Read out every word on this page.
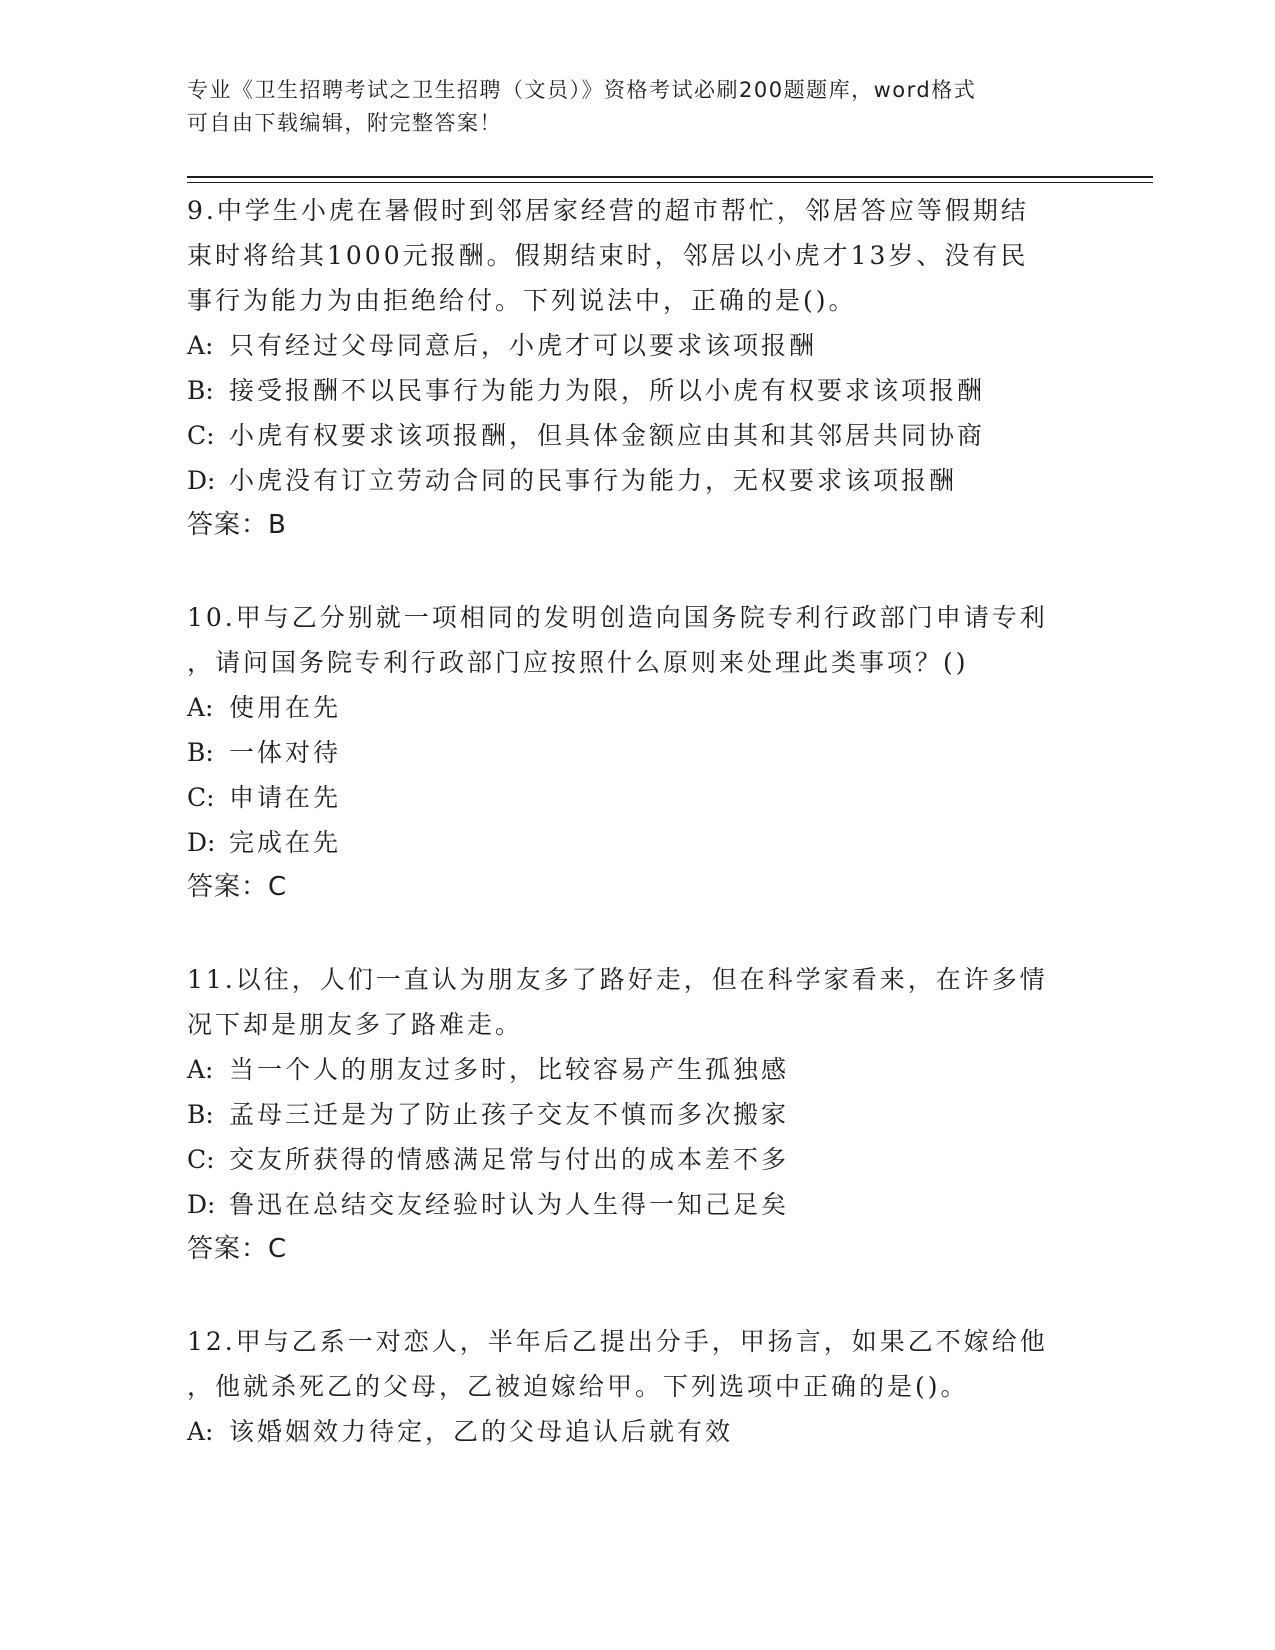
专业《卫生招聘考试之卫生招聘（文员）》资格考试必刷200题题库，word格式
可自由下载编辑，附完整答案！
9.中学生小虎在暑假时到邻居家经营的超市帮忙，邻居答应等假期结
束时将给其1000元报酬。假期结束时，邻居以小虎才13岁、没有民
事行为能力为由拒绝给付。下列说法中，正确的是()。
A: 只有经过父母同意后，小虎才可以要求该项报酬
B: 接受报酬不以民事行为能力为限，所以小虎有权要求该项报酬
C: 小虎有权要求该项报酬，但具体金额应由其和其邻居共同协商
D: 小虎没有订立劳动合同的民事行为能力，无权要求该项报酬
答案：B
10.甲与乙分别就一项相同的发明创造向国务院专利行政部门申请专利
，请问国务院专利行政部门应按照什么原则来处理此类事项？()
A: 使用在先
B: 一体对待
C: 申请在先
D: 完成在先
答案：C
11.以往，人们一直认为朋友多了路好走，但在科学家看来，在许多情
况下却是朋友多了路难走。
A: 当一个人的朋友过多时，比较容易产生孤独感
B: 孟母三迁是为了防止孩子交友不慎而多次搬家
C: 交友所获得的情感满足常与付出的成本差不多
D: 鲁迅在总结交友经验时认为人生得一知己足矣
答案：C
12.甲与乙系一对恋人，半年后乙提出分手，甲扬言，如果乙不嫁给他
，他就杀死乙的父母，乙被迫嫁给甲。下列选项中正确的是()。
A: 该婚姻效力待定，乙的父母追认后就有效
